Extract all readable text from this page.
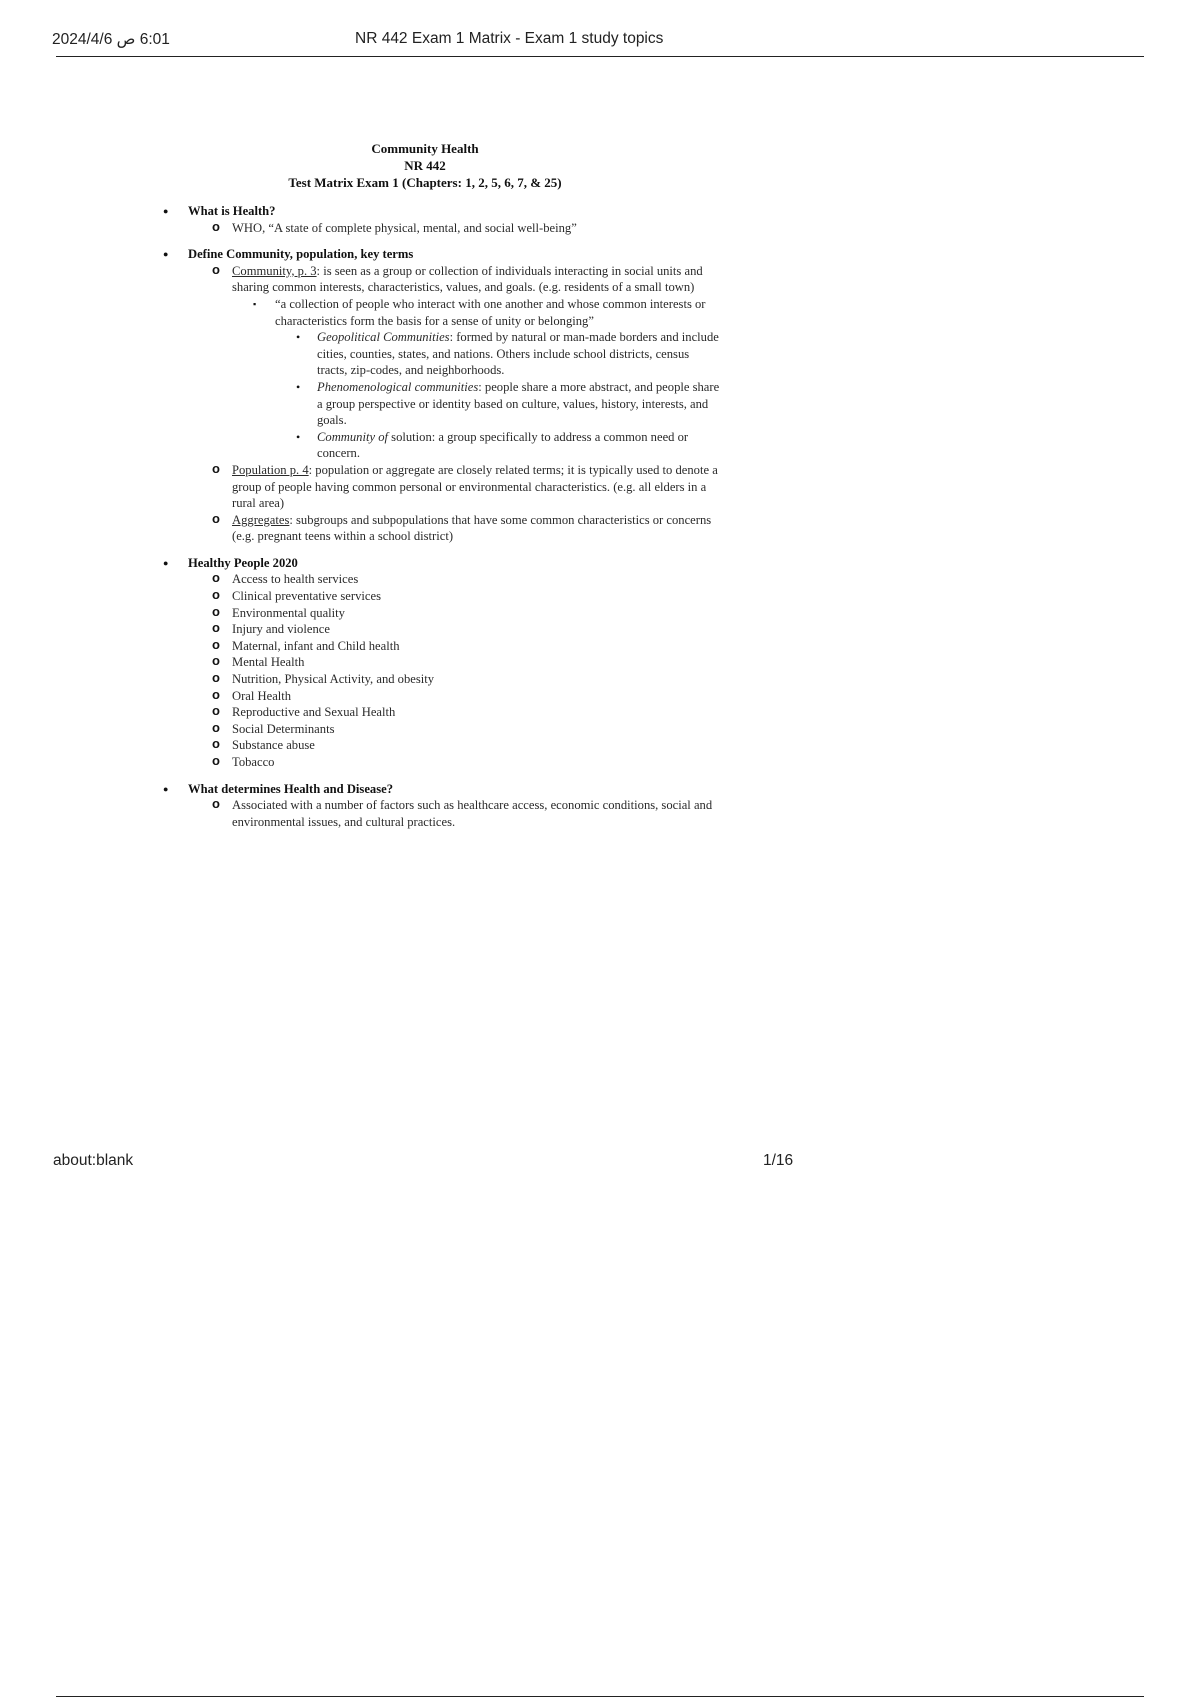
6:01 ص 2024/4/6	NR 442 Exam 1 Matrix - Exam 1 study topics
Community Health
NR 442
Test Matrix Exam 1 (Chapters: 1, 2, 5, 6, 7, & 25)
● What is Health?
o WHO, “A state of complete physical, mental, and social well-being”
● Define Community, population, key terms
o Community, p. 3: is seen as a group or collection of individuals interacting in social units and sharing common interests, characteristics, values, and goals. (e.g. residents of a small town)
▪ “a collection of people who interact with one another and whose common interests or characteristics form the basis for a sense of unity or belonging”
• Geopolitical Communities: formed by natural or man-made borders and include cities, counties, states, and nations. Others include school districts, census tracts, zip-codes, and neighborhoods.
• Phenomenological communities: people share a more abstract, and people share a group perspective or identity based on culture, values, history, interests, and goals.
• Community of solution: a group specifically to address a common need or concern.
o Population p. 4: population or aggregate are closely related terms; it is typically used to denote a group of people having common personal or environmental characteristics. (e.g. all elders in a rural area)
o Aggregates: subgroups and subpopulations that have some common characteristics or concerns (e.g. pregnant teens within a school district)
● Healthy People 2020
o Access to health services
o Clinical preventative services
o Environmental quality
o Injury and violence
o Maternal, infant and Child health
o Mental Health
o Nutrition, Physical Activity, and obesity
o Oral Health
o Reproductive and Sexual Health
o Social Determinants
o Substance abuse
o Tobacco
● What determines Health and Disease?
o Associated with a number of factors such as healthcare access, economic conditions, social and environmental issues, and cultural practices.
about:blank	1/16
